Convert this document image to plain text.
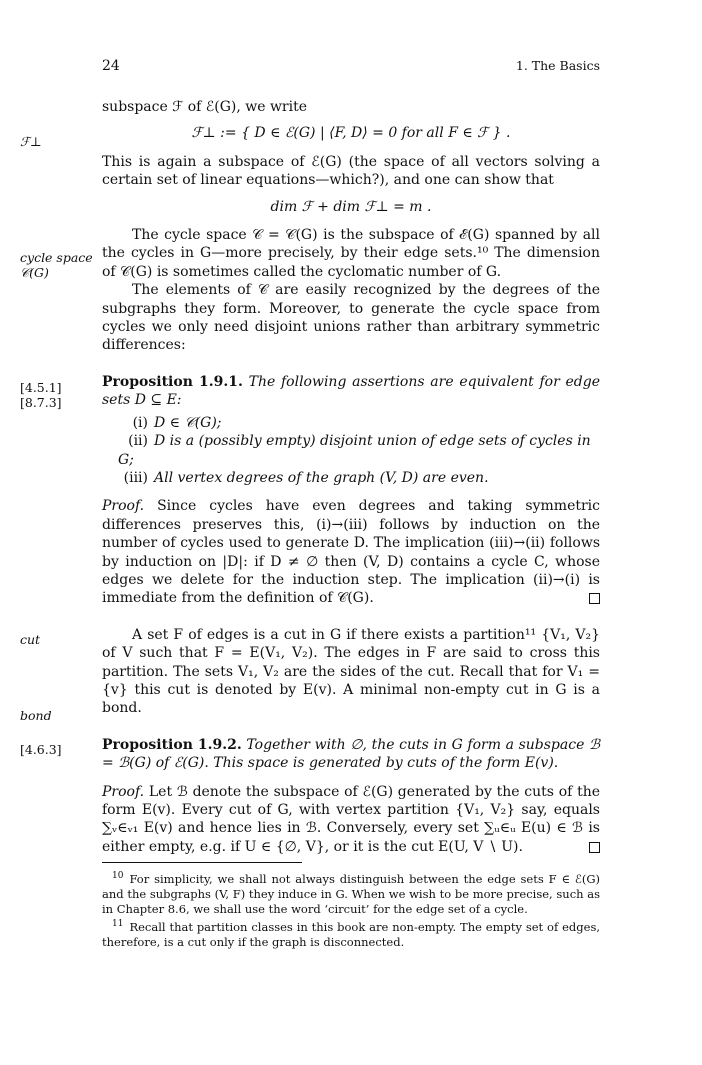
24	1. The Basics
ℱ⊥
cycle space
𝒞(G)
[4.5.1]
[8.7.3]
cut
bond
[4.6.3]

subspace ℱ of ℰ(G), we write

ℱ⊥ := { D ∈ ℰ(G) | ⟨F, D⟩ = 0 for all F ∈ ℱ } .

This is again a subspace of ℰ(G) (the space of all vectors solving a certain set of linear equations—which?), and one can show that

dim ℱ + dim ℱ⊥ = m .

The cycle space 𝒞 = 𝒞(G) is the subspace of ℰ(G) spanned by all the cycles in G—more precisely, by their edge sets.¹⁰ The dimension of 𝒞(G) is sometimes called the cyclomatic number of G.

The elements of 𝒞 are easily recognized by the degrees of the subgraphs they form. Moreover, to generate the cycle space from cycles we only need disjoint unions rather than arbitrary symmetric differences:

Proposition 1.9.1. The following assertions are equivalent for edge sets D ⊆ E:

(i) D ∈ 𝒞(G);
(ii) D is a (possibly empty) disjoint union of edge sets of cycles in G;
(iii) All vertex degrees of the graph (V, D) are even.

Proof. Since cycles have even degrees and taking symmetric differences preserves this, (i)→(iii) follows by induction on the number of cycles used to generate D. The implication (iii)→(ii) follows by induction on |D|: if D ≠ ∅ then (V, D) contains a cycle C, whose edges we delete for the induction step. The implication (ii)→(i) is immediate from the definition of 𝒞(G).

A set F of edges is a cut in G if there exists a partition¹¹ {V₁, V₂} of V such that F = E(V₁, V₂). The edges in F are said to cross this partition. The sets V₁, V₂ are the sides of the cut. Recall that for V₁ = {v} this cut is denoted by E(v). A minimal non-empty cut in G is a bond.

Proposition 1.9.2. Together with ∅, the cuts in G form a subspace ℬ = ℬ(G) of ℰ(G). This space is generated by cuts of the form E(v).

Proof. Let ℬ denote the subspace of ℰ(G) generated by the cuts of the form E(v). Every cut of G, with vertex partition {V₁, V₂} say, equals ∑ᵥ∈ᵥ₁ E(v) and hence lies in ℬ. Conversely, every set ∑ᵤ∈ᵤ E(u) ∈ ℬ is either empty, e.g. if U ∈ {∅, V}, or it is the cut E(U, V ∖ U).

$^{10}$ For simplicity, we shall not always distinguish between the edge sets F ∈ ℰ(G) and the subgraphs (V, F) they induce in G. When we wish to be more precise, such as in Chapter 8.6, we shall use the word ‘circuit’ for the edge set of a cycle.

$^{11}$ Recall that partition classes in this book are non-empty. The empty set of edges, therefore, is a cut only if the graph is disconnected.
